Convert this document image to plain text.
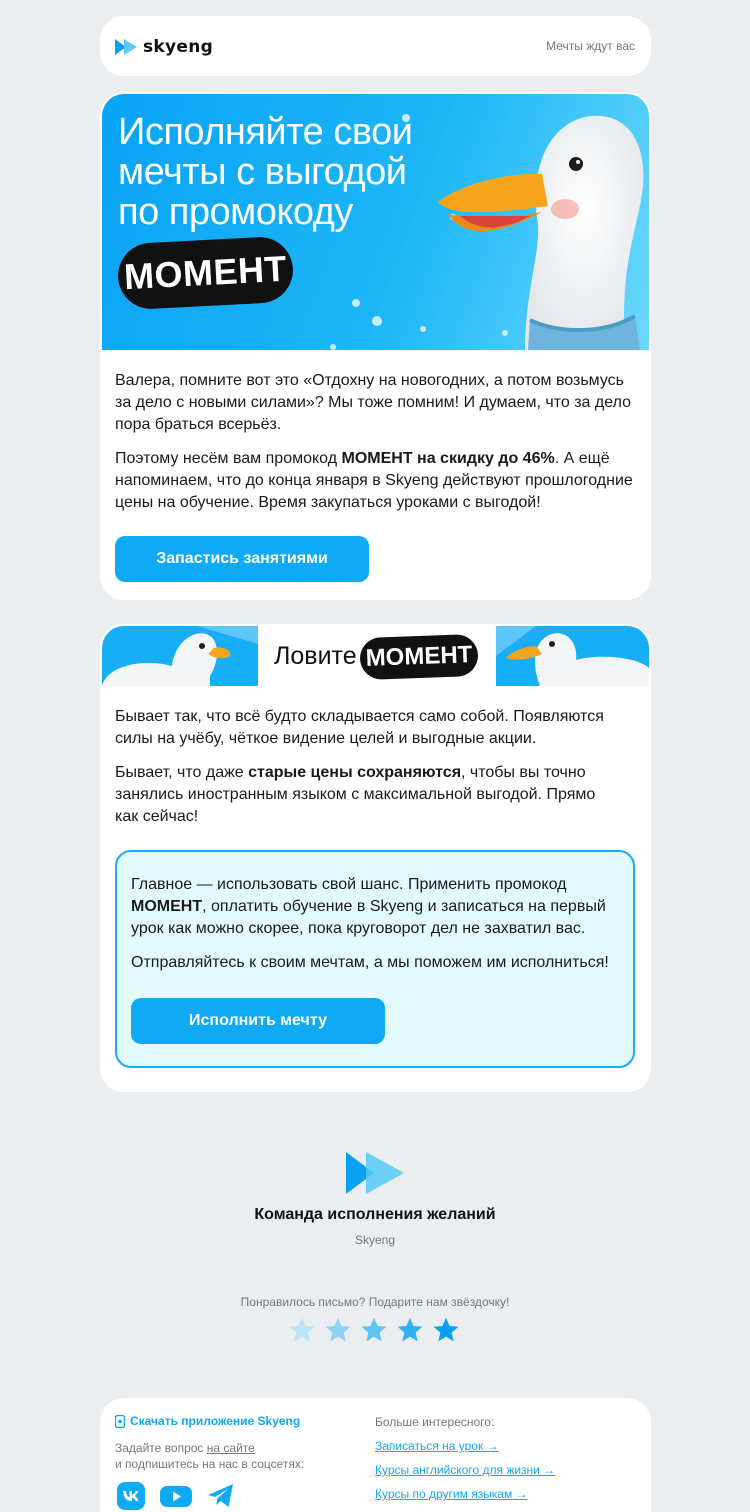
skyeng	Мечты ждут вас
Исполняйте свои
мечты с выгодой
по промокоду
МОМЕНТ

Валера, помните вот это «Отдохну на новогодних, а потом возьмусь за дело с новыми силами»? Мы тоже помним! И думаем, что за дело пора браться всерьёз.

Поэтому несём вам промокод МОМЕНТ на скидку до 46%. А ещё напоминаем, что до конца января в Skyeng действуют прошлогодние цены на обучение. Время закупаться уроками с выгодой!

Запастись занятиями
Ловите МОМЕНТ

Бывает так, что всё будто складывается само собой. Появляются силы на учёбу, чёткое видение целей и выгодные акции.

Бывает, что даже старые цены сохраняются, чтобы вы точно занялись иностранным языком с максимальной выгодой. Прямо как сейчас!

Главное — использовать свой шанс. Применить промокод МОМЕНТ, оплатить обучение в Skyeng и записаться на первый урок как можно скорее, пока круговорот дел не захватил вас.

Отправляйтесь к своим мечтам, а мы поможем им исполниться!

Исполнить мечту
Команда исполнения желаний
Skyeng
Понравилось письмо? Подарите нам звёздочку!
Скачать приложение Skyeng
Задайте вопрос на сайте
и подпишитесь на нас в соцсетях:
Больше интересного:
Записаться на урок →
Курсы английского для жизни →
Курсы по другим языкам →
